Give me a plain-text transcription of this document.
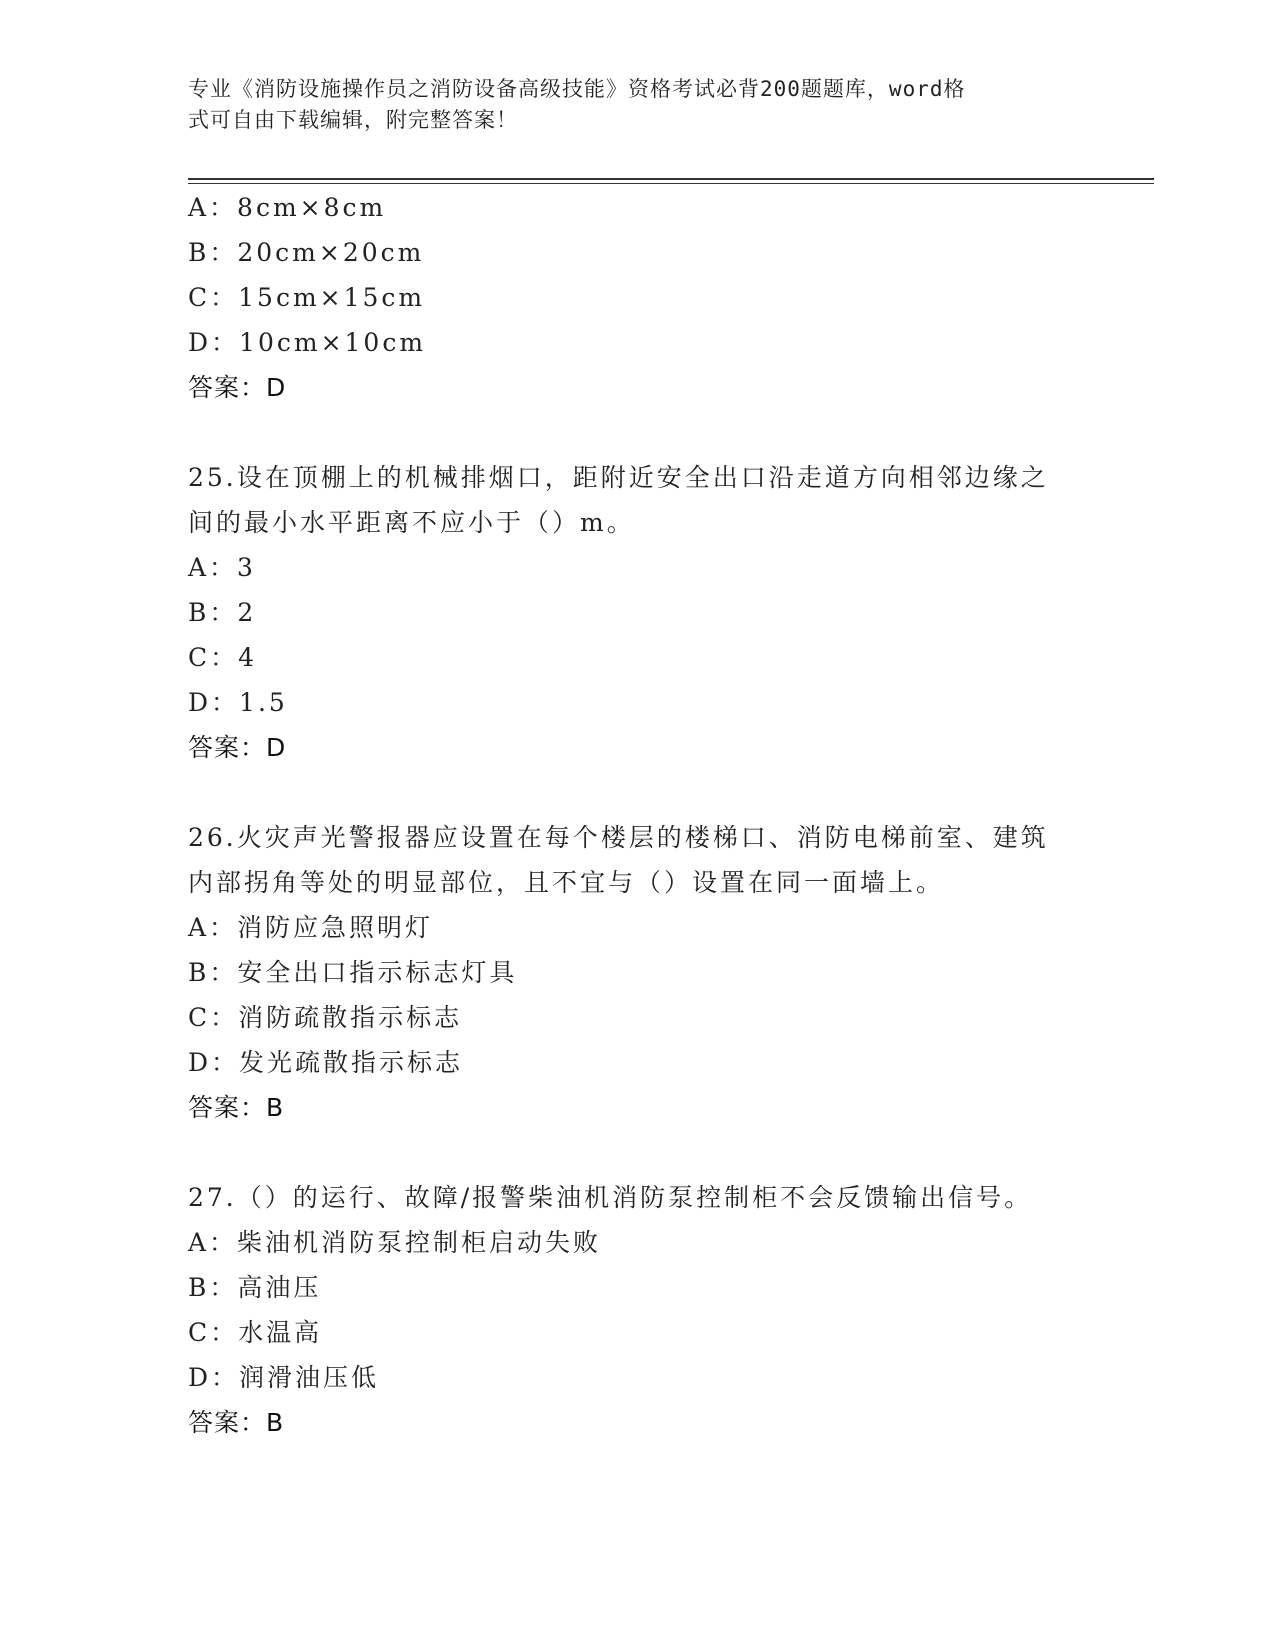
专业《消防设施操作员之消防设备高级技能》资格考试必背200题题库，word格
式可自由下载编辑，附完整答案！
A：8cm×8cm
B：20cm×20cm
C：15cm×15cm
D：10cm×10cm
答案：D
25.设在顶棚上的机械排烟口，距附近安全出口沿走道方向相邻边缘之
间的最小水平距离不应小于（）m。
A：3
B：2
C：4
D：1.5
答案：D
26.火灾声光警报器应设置在每个楼层的楼梯口、消防电梯前室、建筑
内部拐角等处的明显部位，且不宜与（）设置在同一面墙上。
A：消防应急照明灯
B：安全出口指示标志灯具
C：消防疏散指示标志
D：发光疏散指示标志
答案：B
27.（）的运行、故障/报警柴油机消防泵控制柜不会反馈输出信号。
A：柴油机消防泵控制柜启动失败
B：高油压
C：水温高
D：润滑油压低
答案：B
